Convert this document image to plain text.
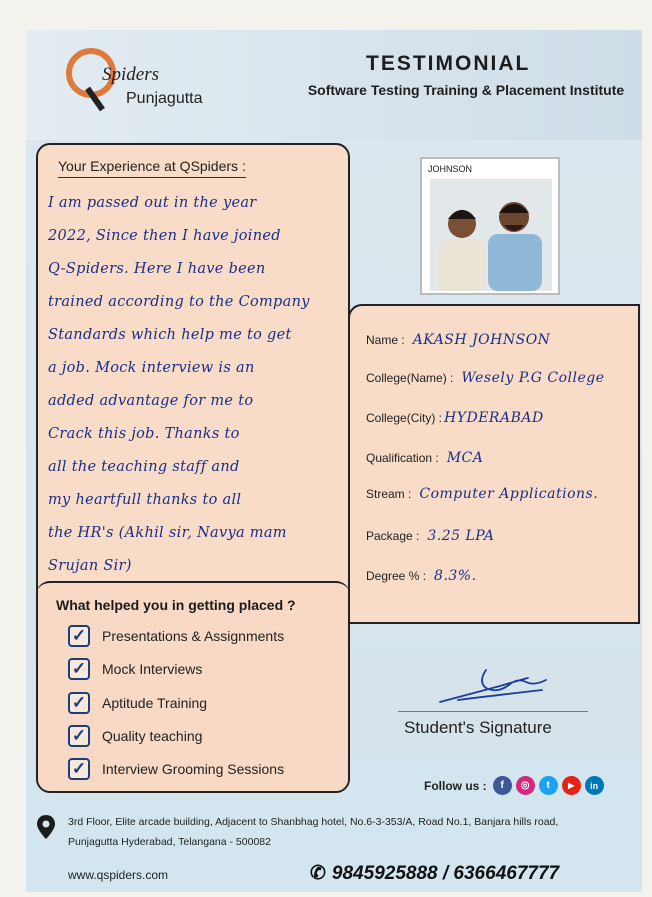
Spiders
Punjagutta
TESTIMONIAL
Software Testing Training & Placement Institute
JOHNSON
Name : AKASH JOHNSON
College(Name) : Wesely P.G College
College(City) : HYDERABAD
Qualification : MCA
Stream : Computer Applications.
Package : 3.25 LPA
Degree % : 8.3%.
Student's Signature
Follow us :	f	◎	t	▶	in
3rd Floor, Elite arcade building, Adjacent to Shanbhag hotel, No.6-3-353/A, Road No.1, Banjara hills road,
Punjagutta Hyderabad, Telangana - 500082
www.qspiders.com	✆ 9845925888 / 6366467777
Your Experience at QSpiders :
I am passed out in the year
2022, Since then I have joined
Q-Spiders. Here I have been
trained according to the Company
Standards which help me to get
a job. Mock interview is an
added advantage for me to
Crack this job. Thanks to
all the teaching staff and
my heartfull thanks to all
the HR's (Akhil sir, Navya mam
Srujan Sir)
What helped you in getting placed ?
✓ Presentations & Assignments
✓ Mock Interviews
✓ Aptitude Training
✓ Quality teaching
✓ Interview Grooming Sessions
